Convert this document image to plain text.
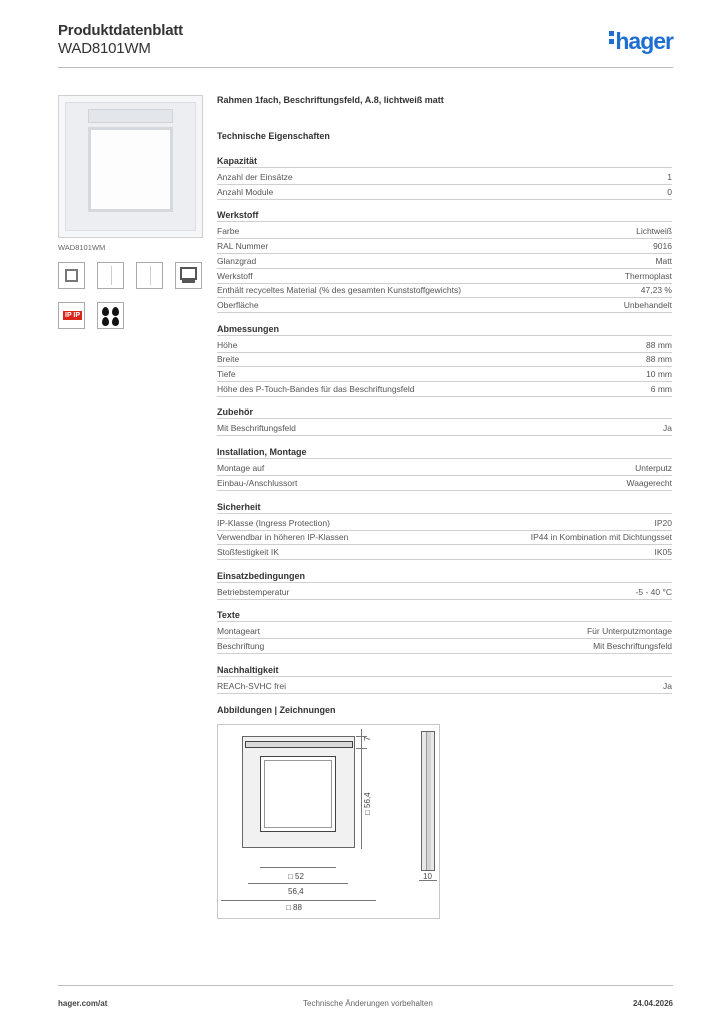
Produktdatenblatt
WAD8101WM	hager
WAD8101WM
IP IP
Rahmen 1fach, Beschriftungsfeld, A.8, lichtweiß matt
Technische Eigenschaften
Kapazität
Anzahl der Einsätze	1
Anzahl Module	0
Werkstoff
Farbe	Lichtweiß
RAL Nummer	9016
Glanzgrad	Matt
Werkstoff	Thermoplast
Enthält recyceltes Material (% des gesamten Kunststoffgewichts)	47,23 %
Oberfläche	Unbehandelt
Abmessungen
Höhe	88 mm
Breite	88 mm
Tiefe	10 mm
Höhe des P-Touch-Bandes für das Beschriftungsfeld	6 mm
Zubehör
Mit Beschriftungsfeld	Ja
Installation, Montage
Montage auf	Unterputz
Einbau-/Anschlussort	Waagerecht
Sicherheit
IP-Klasse (Ingress Protection)	IP20
Verwendbar in höheren IP-Klassen	IP44 in Kombination mit Dichtungsset
Stoßfestigkeit IK	IK05
Einsatzbedingungen
Betriebstemperatur	-5 - 40 °C
Texte
Montageart	Für Unterputzmontage
Beschriftung	Mit Beschriftungsfeld
Nachhaltigkeit
REACh-SVHC frei	Ja
Abbildungen | Zeichnungen
7
□ 56,4
□ 52
56,4
□ 88
10
hager.com/at	Technische Änderungen vorbehalten	24.04.2026
